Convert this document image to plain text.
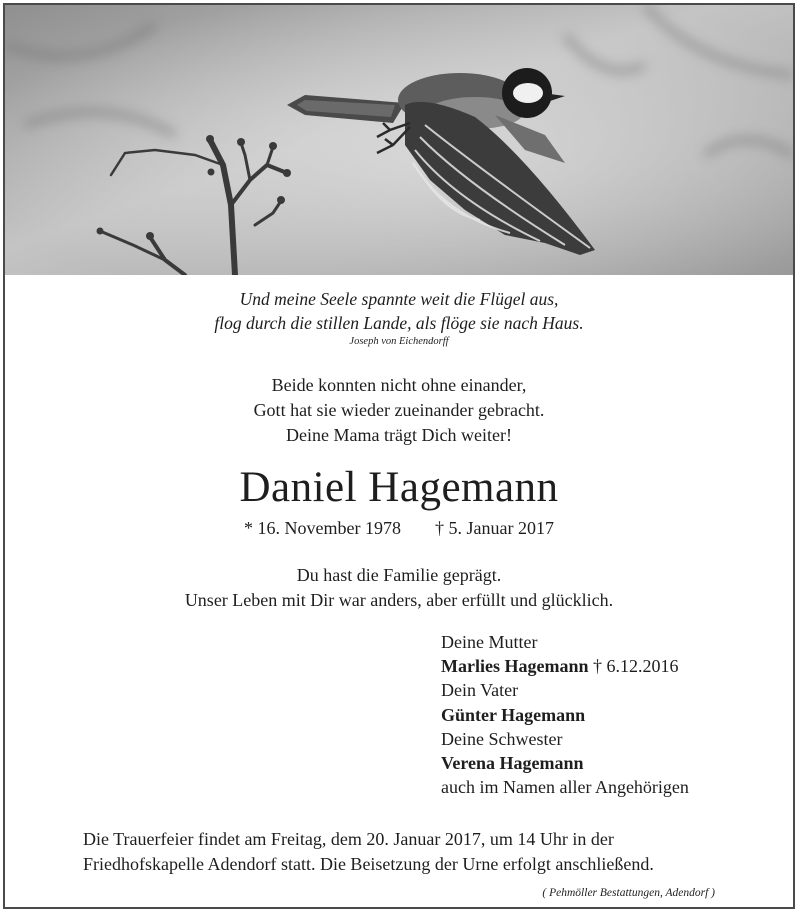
Und meine Seele spannte weit die Flügel aus,
flog durch die stillen Lande, als flöge sie nach Haus.
Joseph von Eichendorff
Beide konnten nicht ohne einander,
Gott hat sie wieder zueinander gebracht.
Deine Mama trägt Dich weiter!
Daniel Hagemann
* 16. November 1978 † 5. Januar 2017
Du hast die Familie geprägt.
Unser Leben mit Dir war anders, aber erfüllt und glücklich.
Deine Mutter
Marlies Hagemann † 6.12.2016
Dein Vater
Günter Hagemann
Deine Schwester
Verena Hagemann
auch im Namen aller Angehörigen
Die Trauerfeier findet am Freitag, dem 20. Januar 2017, um 14 Uhr in der
Friedhofskapelle Adendorf statt. Die Beisetzung der Urne erfolgt anschließend.
( Pehmöller Bestattungen, Adendorf )
